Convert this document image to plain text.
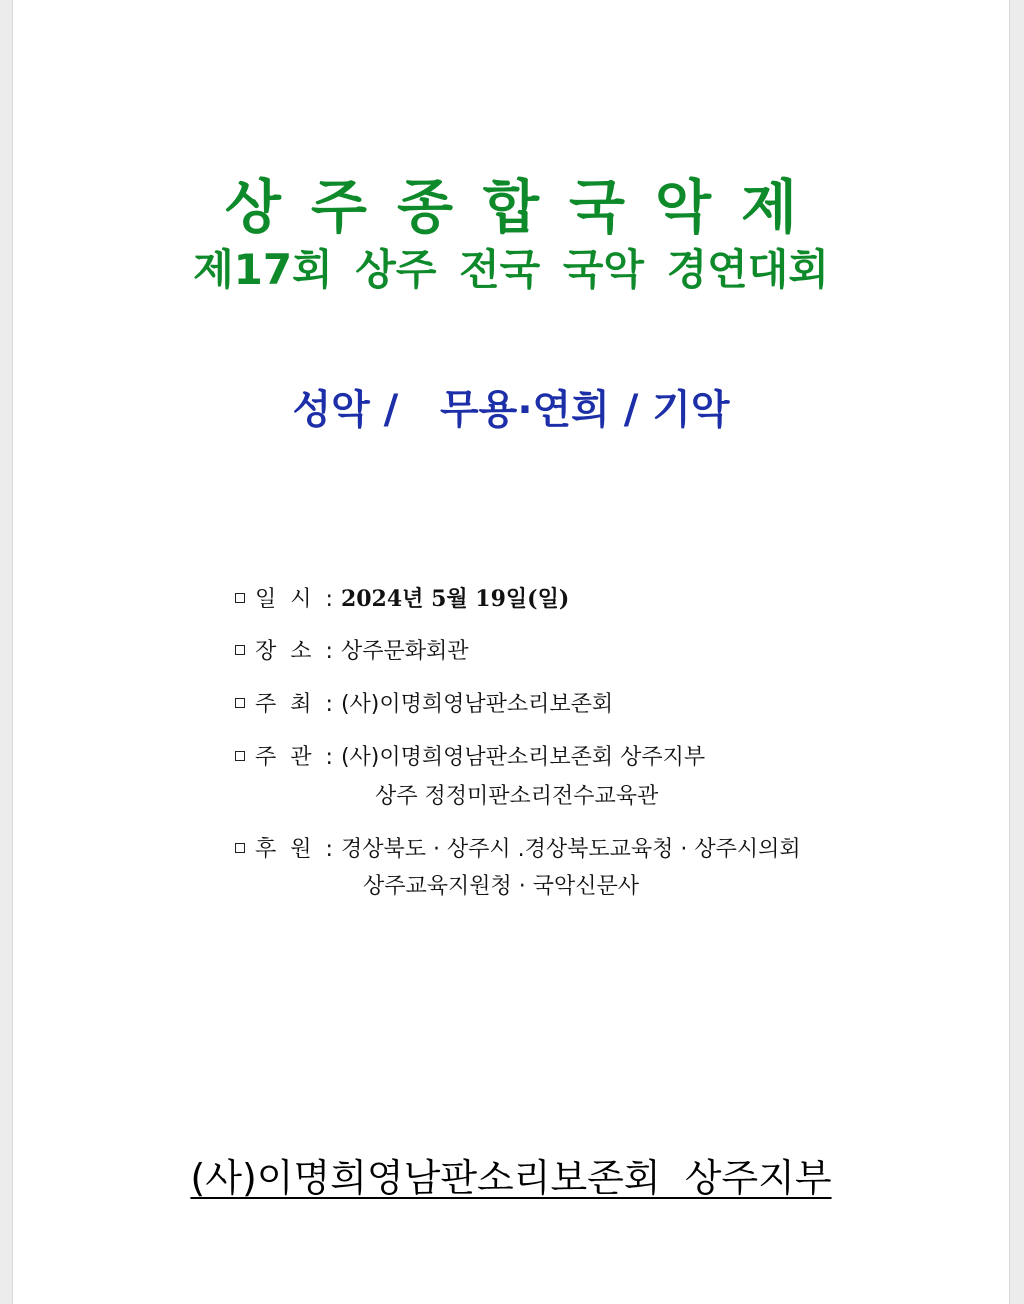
상주종합국악제
제17회 상주 전국 국악 경연대회
성악 /   무용·연희 / 기악
일시: 2024년 5월 19일(일)
장소: 상주문화회관
주최: (사)이명희영남판소리보존회
주관: (사)이명희영남판소리보존회 상주지부
상주 정정미판소리전수교육관
후원: 경상북도 · 상주시 .경상북도교육청 · 상주시의회
상주교육지원청 · 국악신문사
(사)이명희영남판소리보존회  상주지부
